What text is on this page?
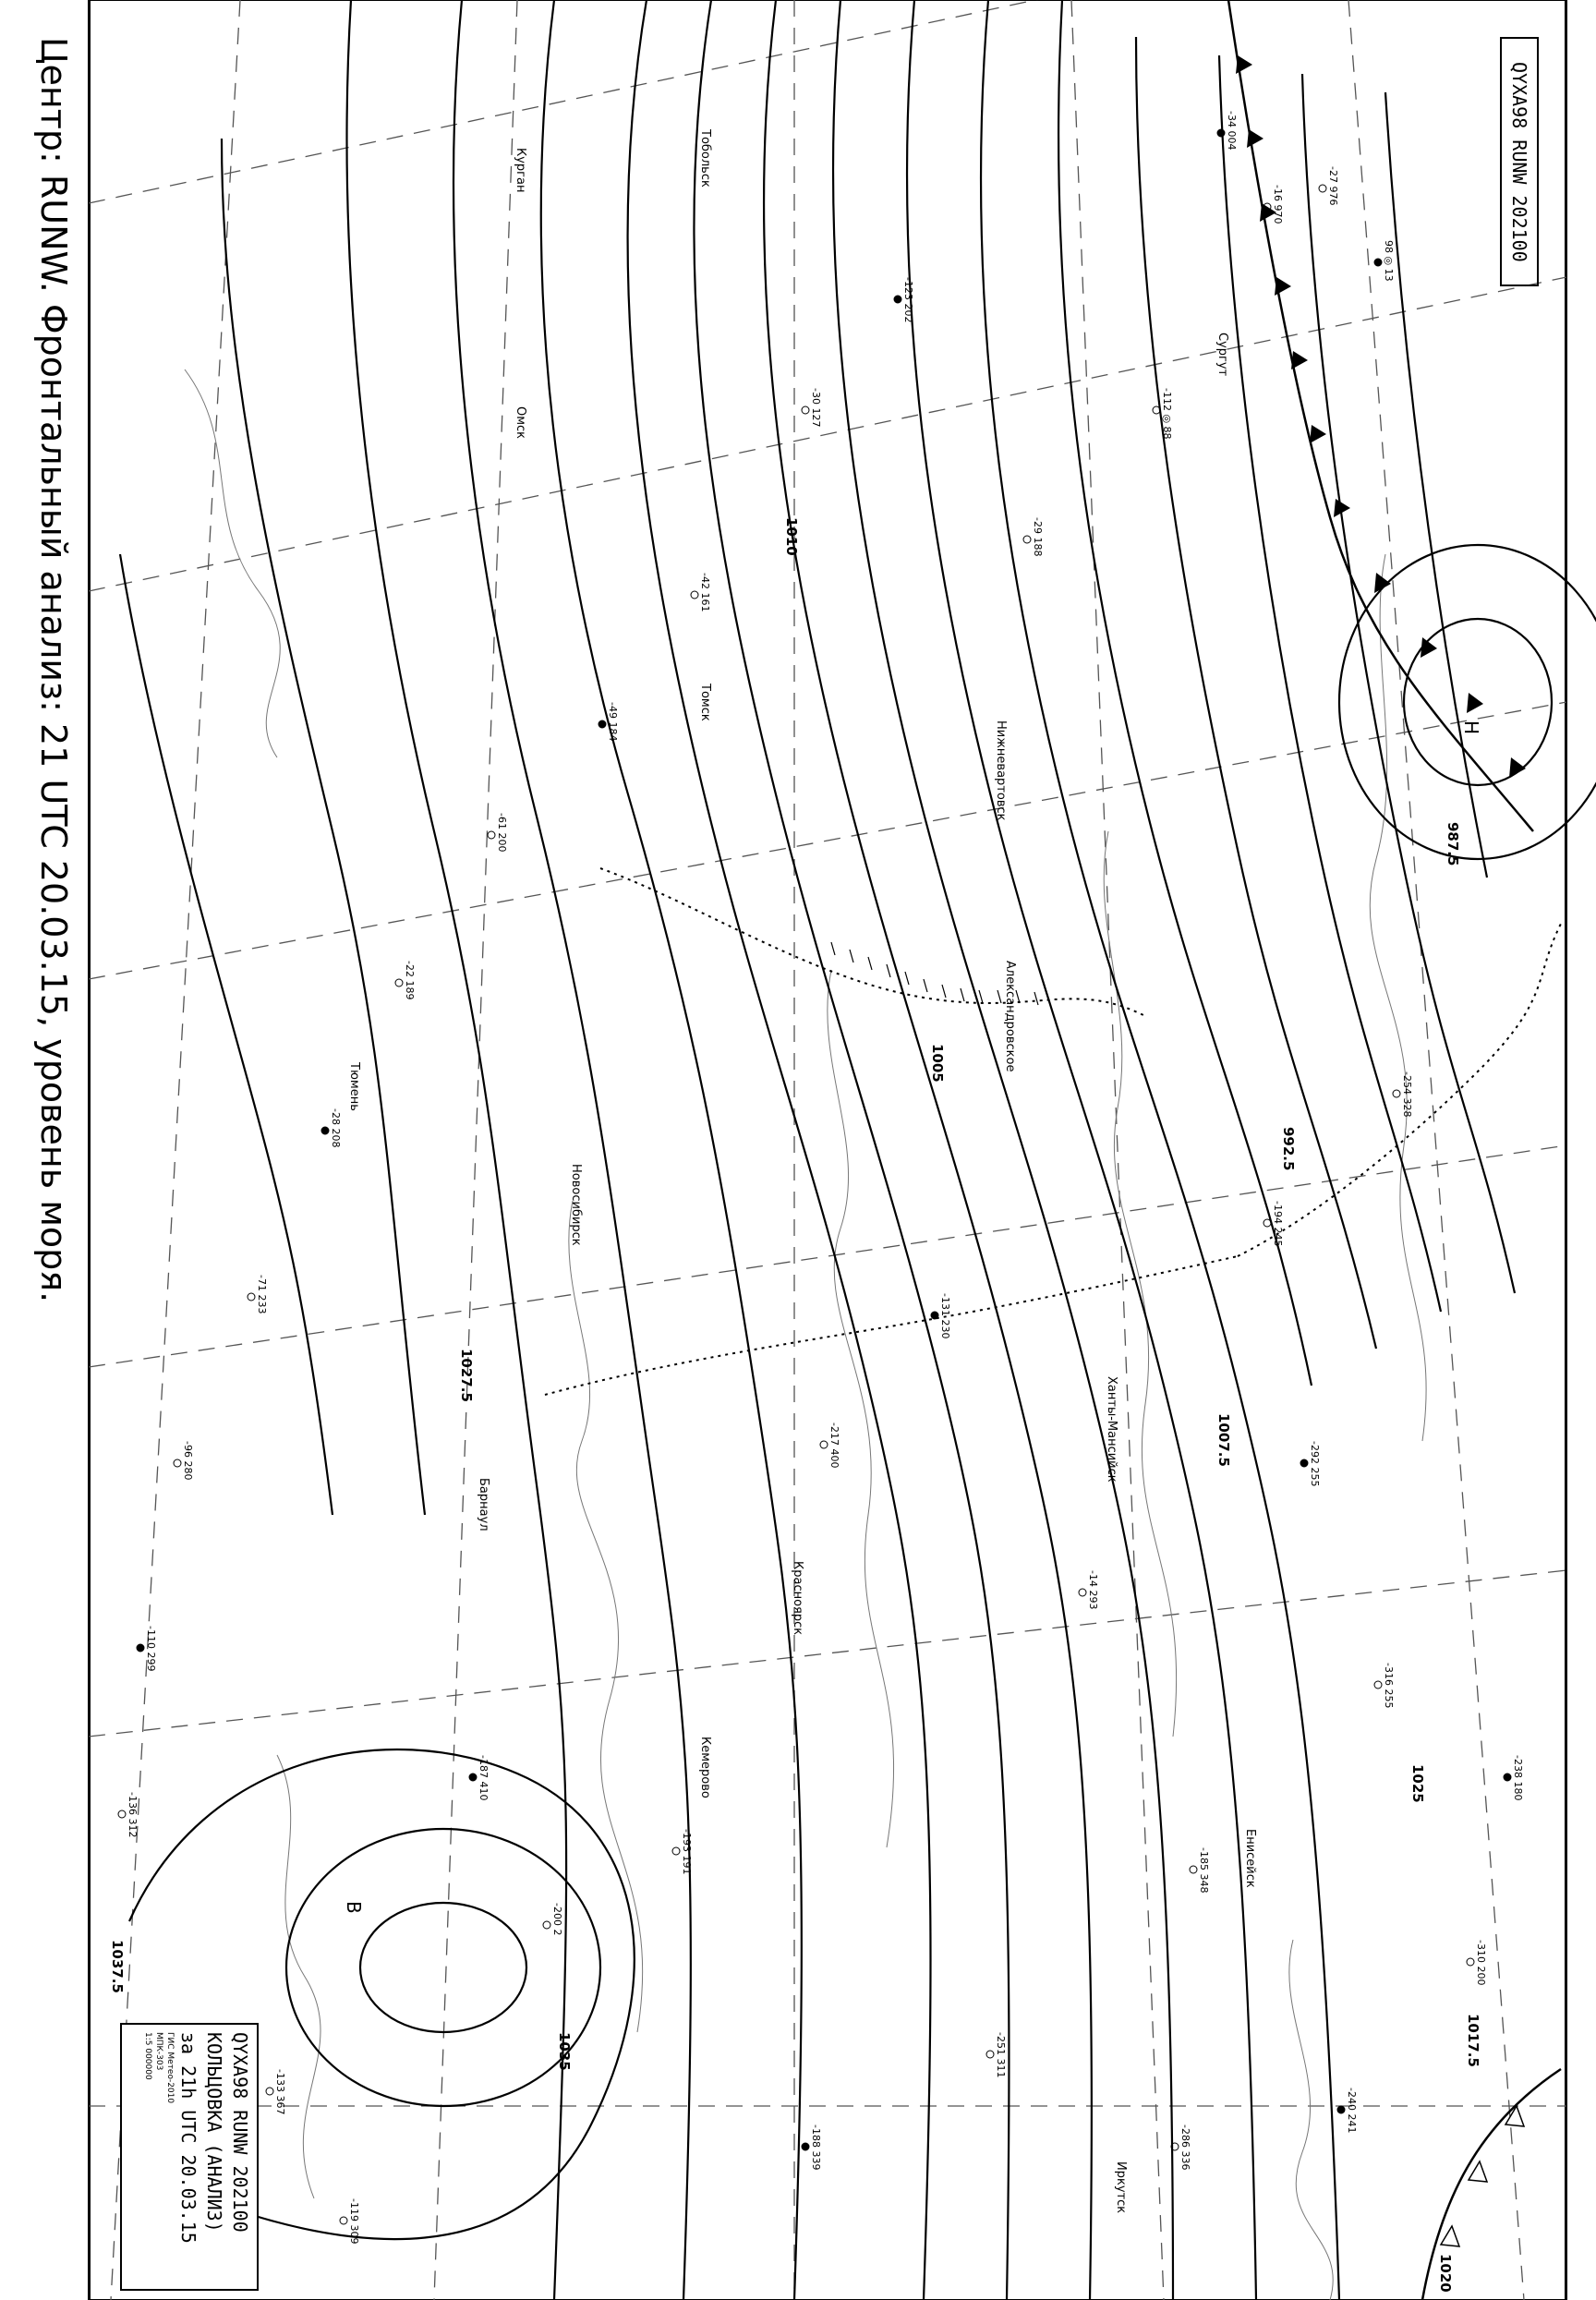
1005
1027.5
1037.5
1025
1020
1017.5
992.5
987.5
1035
1007.5
1010
В
Н
Новосибирск
Барнаул
Александровское
Ханты-Мансийск
Сургут
Иркутск
Красноярск
Томск
Омск
Курган
Тюмень
Нижневартовск
Тобольск
Енисейск
Кемерово
-34 004
-16 970	-27 976
98 ◎ 13
-112 ◎ 88
-29 188
-123 202
-30 127
-42 161
-49 184
-61 200
-22 189
-28 208
-71 233
-96 280
-110 299
-136 312
-200 2
-187 410
-193 191
-217 400
-131 230
-14 293
-185 348
-240 241
-310 200
-316 255
-292 255
-194 245
-254 328
-238 180
-286 336
-251 311
-188 339
-133 367
-119 309
Центр: RUNW. Фронтальный анализ: 21 UTC 20.03.15, уровень моря.	QYXA98 RUNW 202100
QYXA98 RUNW 202100
КОЛЬЦОВКА (АНАЛИЗ)
за 21h UTC 20.03.15
ГИС Метео-2010
МПК-303
1:5 000000
